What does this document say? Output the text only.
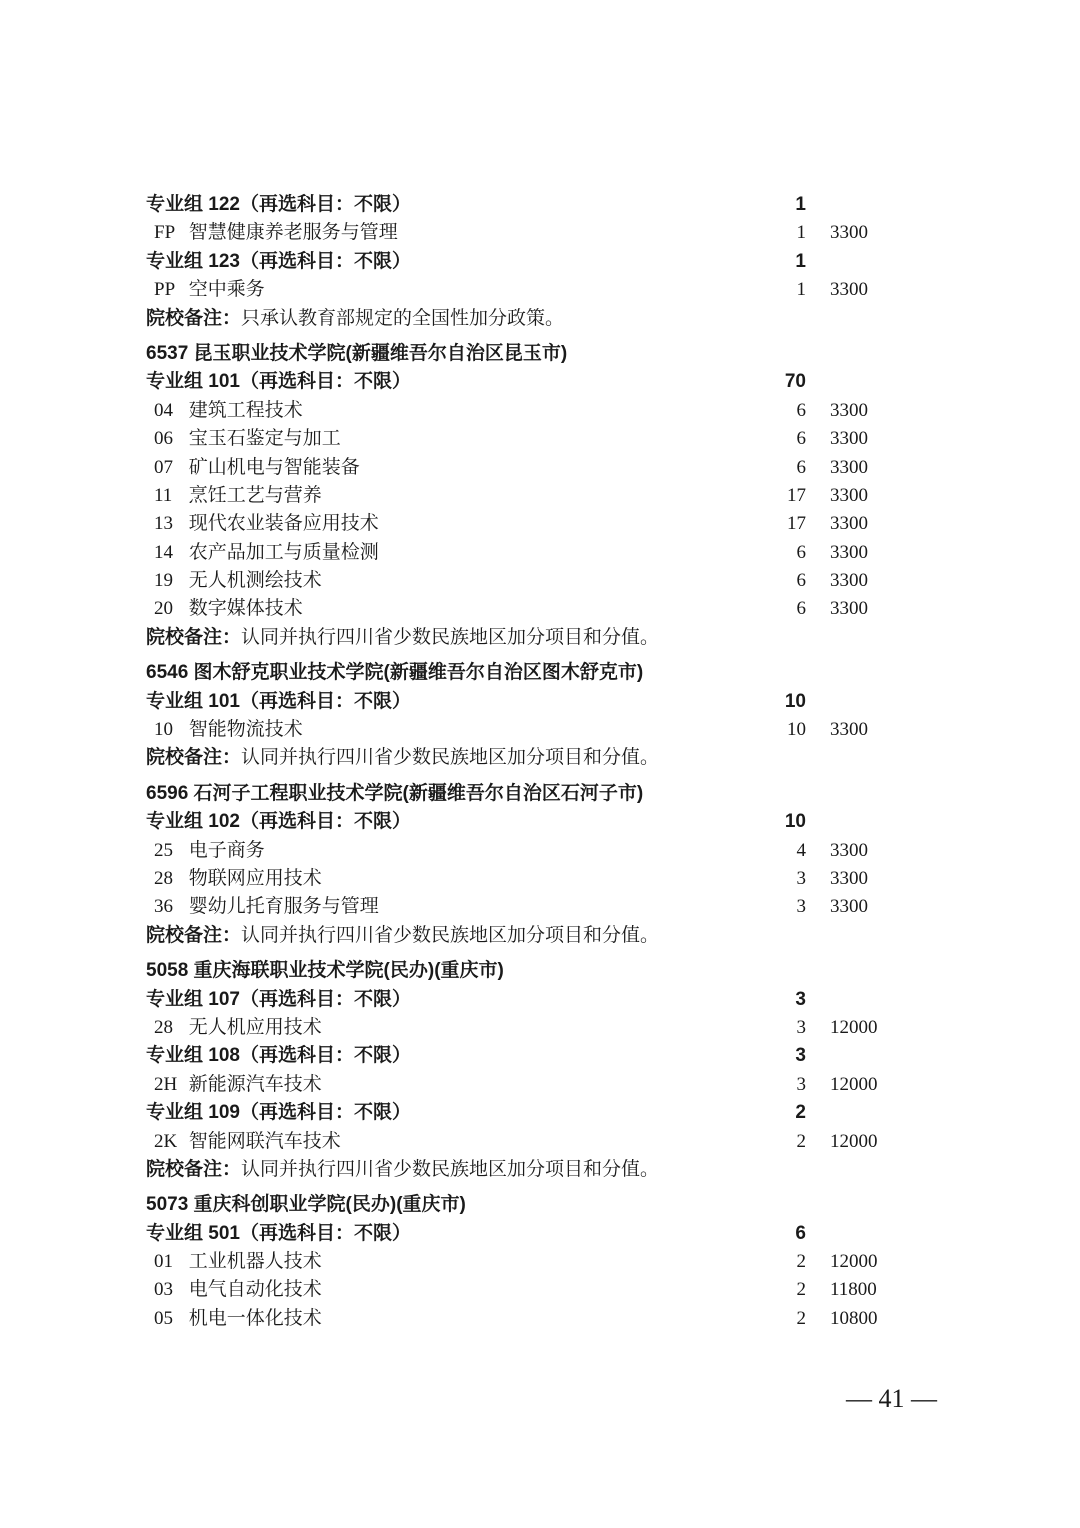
专业组 122（再选科目：不限）	1
FP 智慧健康养老服务与管理	1 3300
专业组 123（再选科目：不限）	1
PP 空中乘务	1 3300
院校备注：只承认教育部规定的全国性加分政策。
6537 昆玉职业技术学院(新疆维吾尔自治区昆玉市)
专业组 101（再选科目：不限）	70
04 建筑工程技术	6 3300
06 宝玉石鉴定与加工	6 3300
07 矿山机电与智能装备	6 3300
11 烹饪工艺与营养	17 3300
13 现代农业装备应用技术	17 3300
14 农产品加工与质量检测	6 3300
19 无人机测绘技术	6 3300
20 数字媒体技术	6 3300
院校备注：认同并执行四川省少数民族地区加分项目和分值。
6546 图木舒克职业技术学院(新疆维吾尔自治区图木舒克市)
专业组 101（再选科目：不限）	10
10 智能物流技术	10 3300
院校备注：认同并执行四川省少数民族地区加分项目和分值。
6596 石河子工程职业技术学院(新疆维吾尔自治区石河子市)
专业组 102（再选科目：不限）	10
25 电子商务	4 3300
28 物联网应用技术	3 3300
36 婴幼儿托育服务与管理	3 3300
院校备注：认同并执行四川省少数民族地区加分项目和分值。
5058 重庆海联职业技术学院(民办)(重庆市)
专业组 107（再选科目：不限）	3
28 无人机应用技术	3 12000
专业组 108（再选科目：不限）	3
2H 新能源汽车技术	3 12000
专业组 109（再选科目：不限）	2
2K 智能网联汽车技术	2 12000
院校备注：认同并执行四川省少数民族地区加分项目和分值。
5073 重庆科创职业学院(民办)(重庆市)
专业组 501（再选科目：不限）	6
01 工业机器人技术	2 12000
03 电气自动化技术	2 11800
05 机电一体化技术	2 10800
— 41 —
